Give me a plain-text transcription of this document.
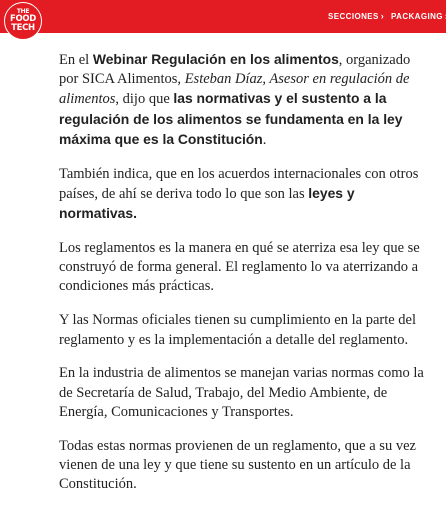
THE
FOOD
TECH
SECCIONES › PACKAGING ›

En el Webinar Regulación en los alimentos, organizado por SICA Alimentos, Esteban Díaz, Asesor en regulación de alimentos, dijo que las normativas y el sustento a la regulación de los alimentos se fundamenta en la ley máxima que es la Constitución.

También indica, que en los acuerdos internacionales con otros países, de ahí se deriva todo lo que son las leyes y normativas.

Los reglamentos es la manera en qué se aterriza esa ley que se construyó de forma general. El reglamento lo va aterrizando a condiciones más prácticas.

Y las Normas oficiales tienen su cumplimiento en la parte del reglamento y es la implementación a detalle del reglamento.

En la industria de alimentos se manejan varias normas como la de Secretaría de Salud, Trabajo, del Medio Ambiente, de Energía, Comunicaciones y Transportes.

Todas estas normas provienen de un reglamento, que a su vez vienen de una ley y que tiene su sustento en un artículo de la Constitución.
